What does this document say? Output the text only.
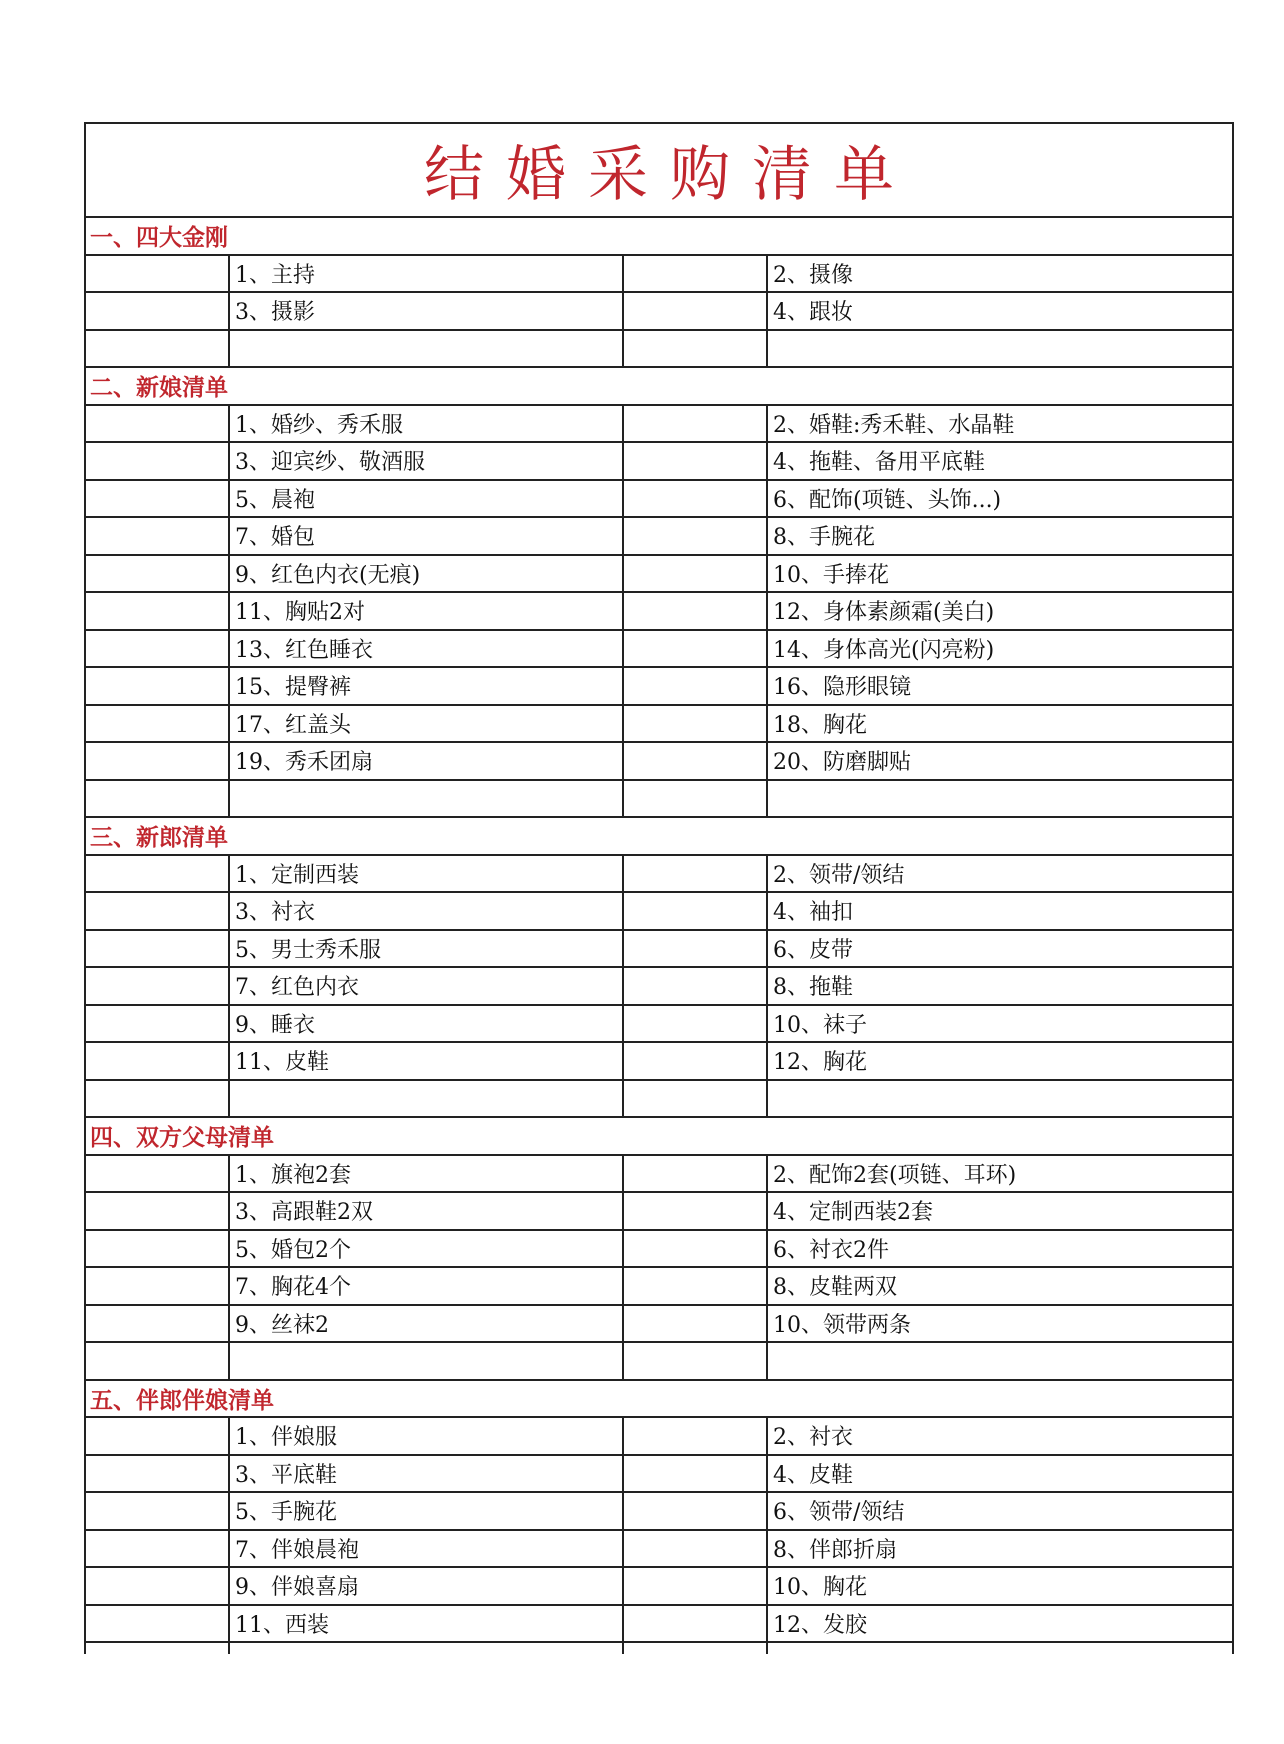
结婚采购清单
一、四大金刚
1、主持	2、摄像
3、摄影	4、跟妆
二、新娘清单
1、婚纱、秀禾服	2、婚鞋:秀禾鞋、水晶鞋
3、迎宾纱、敬酒服	4、拖鞋、备用平底鞋
5、晨袍	6、配饰(项链、头饰...)
7、婚包	8、手腕花
9、红色内衣(无痕)	10、手捧花
11、胸贴2对	12、身体素颜霜(美白)
13、红色睡衣	14、身体高光(闪亮粉)
15、提臀裤	16、隐形眼镜
17、红盖头	18、胸花
19、秀禾团扇	20、防磨脚贴
三、新郎清单
1、定制西装	2、领带/领结
3、衬衣	4、袖扣
5、男士秀禾服	6、皮带
7、红色内衣	8、拖鞋
9、睡衣	10、袜子
11、皮鞋	12、胸花
四、双方父母清单
1、旗袍2套	2、配饰2套(项链、耳环)
3、高跟鞋2双	4、定制西装2套
5、婚包2个	6、衬衣2件
7、胸花4个	8、皮鞋两双
9、丝袜2	10、领带两条
五、伴郎伴娘清单
1、伴娘服	2、衬衣
3、平底鞋	4、皮鞋
5、手腕花	6、领带/领结
7、伴娘晨袍	8、伴郎折扇
9、伴娘喜扇	10、胸花
11、西装	12、发胶
